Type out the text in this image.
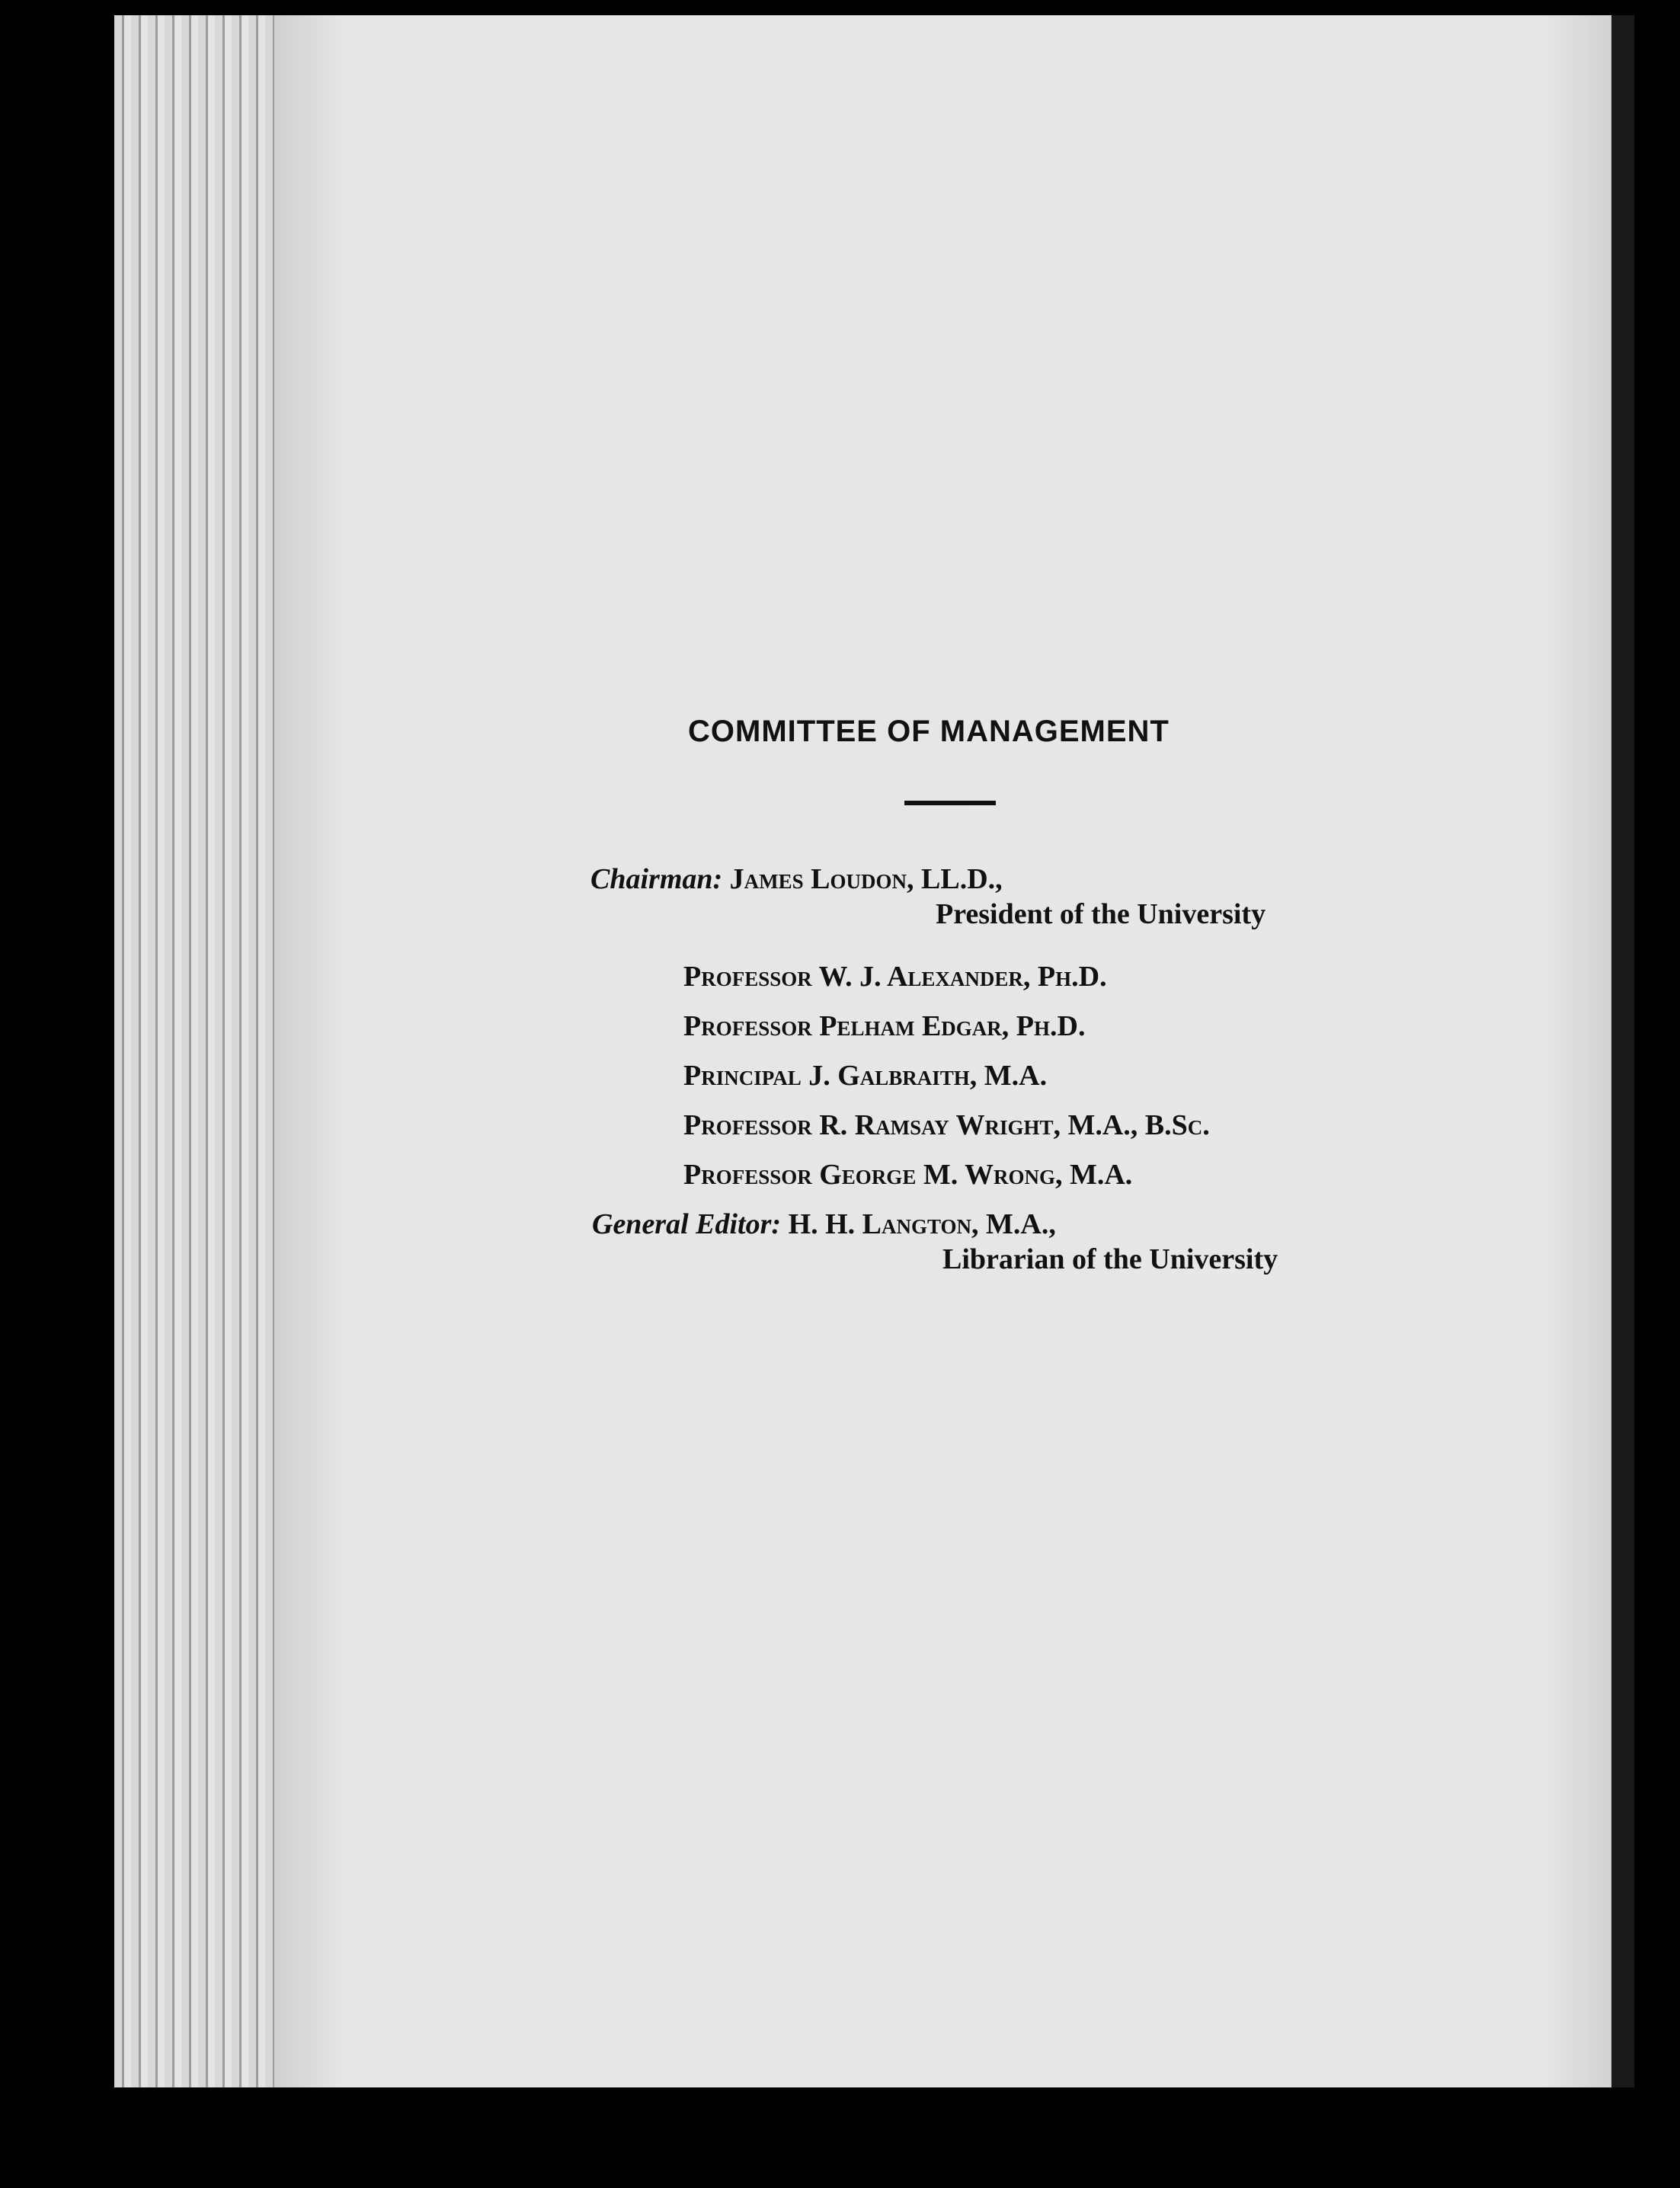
COMMITTEE OF MANAGEMENT
Chairman: James Loudon, LL.D.,
President of the University
Professor W. J. Alexander, Ph.D.
Professor Pelham Edgar, Ph.D.
Principal J. Galbraith, M.A.
Professor R. Ramsay Wright, M.A., B.Sc.
Professor George M. Wrong, M.A.
General Editor: H. H. Langton, M.A.,
Librarian of the University
